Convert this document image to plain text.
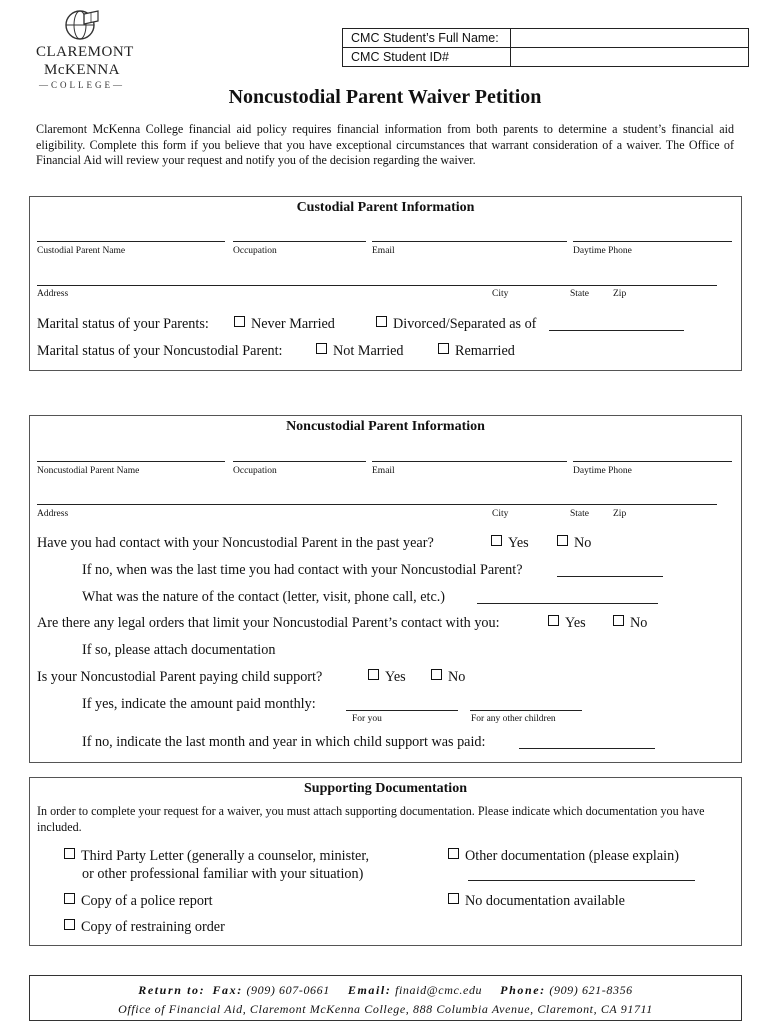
CLAREMONT
McKENNA
—COLLEGE—
CMC Student’s Full Name:
CMC Student ID#
Noncustodial Parent Waiver Petition
Claremont McKenna College financial aid policy requires financial information from both parents to determine a student’s financial aid eligibility. Complete this form if you believe that you have exceptional circumstances that warrant consideration of a waiver. The Office of Financial Aid will review your request and notify you of the decision regarding the waiver.
Custodial Parent Information
Custodial Parent Name	Occupation	Email	Daytime Phone
Address	City	State	Zip
Marital status of your Parents:	Never Married	Divorced/Separated as of
Marital status of your Noncustodial Parent:	Not Married	Remarried
Noncustodial Parent Information
Noncustodial Parent Name	Occupation	Email	Daytime Phone
Address	City	State	Zip
Have you had contact with your Noncustodial Parent in the past year?	Yes	No
If no, when was the last time you had contact with your Noncustodial Parent?
What was the nature of the contact (letter, visit, phone call, etc.)
Are there any legal orders that limit your Noncustodial Parent’s contact with you:	Yes	No
If so, please attach documentation
Is your Noncustodial Parent paying child support?	Yes	No
If yes, indicate the amount paid monthly:
For you	For any other children
If no, indicate the last month and year in which child support was paid:
Supporting Documentation
In order to complete your request for a waiver, you must attach supporting documentation. Please indicate which documentation you have included.
Third Party Letter (generally a counselor, minister,
or other professional familiar with your situation)
Other documentation (please explain)
Copy of a police report	No documentation available
Copy of restraining order
Return to: Fax: (909) 607-0661 Email: finaid@cmc.edu Phone: (909) 621-8356
Office of Financial Aid, Claremont McKenna College, 888 Columbia Avenue, Claremont, CA 91711
